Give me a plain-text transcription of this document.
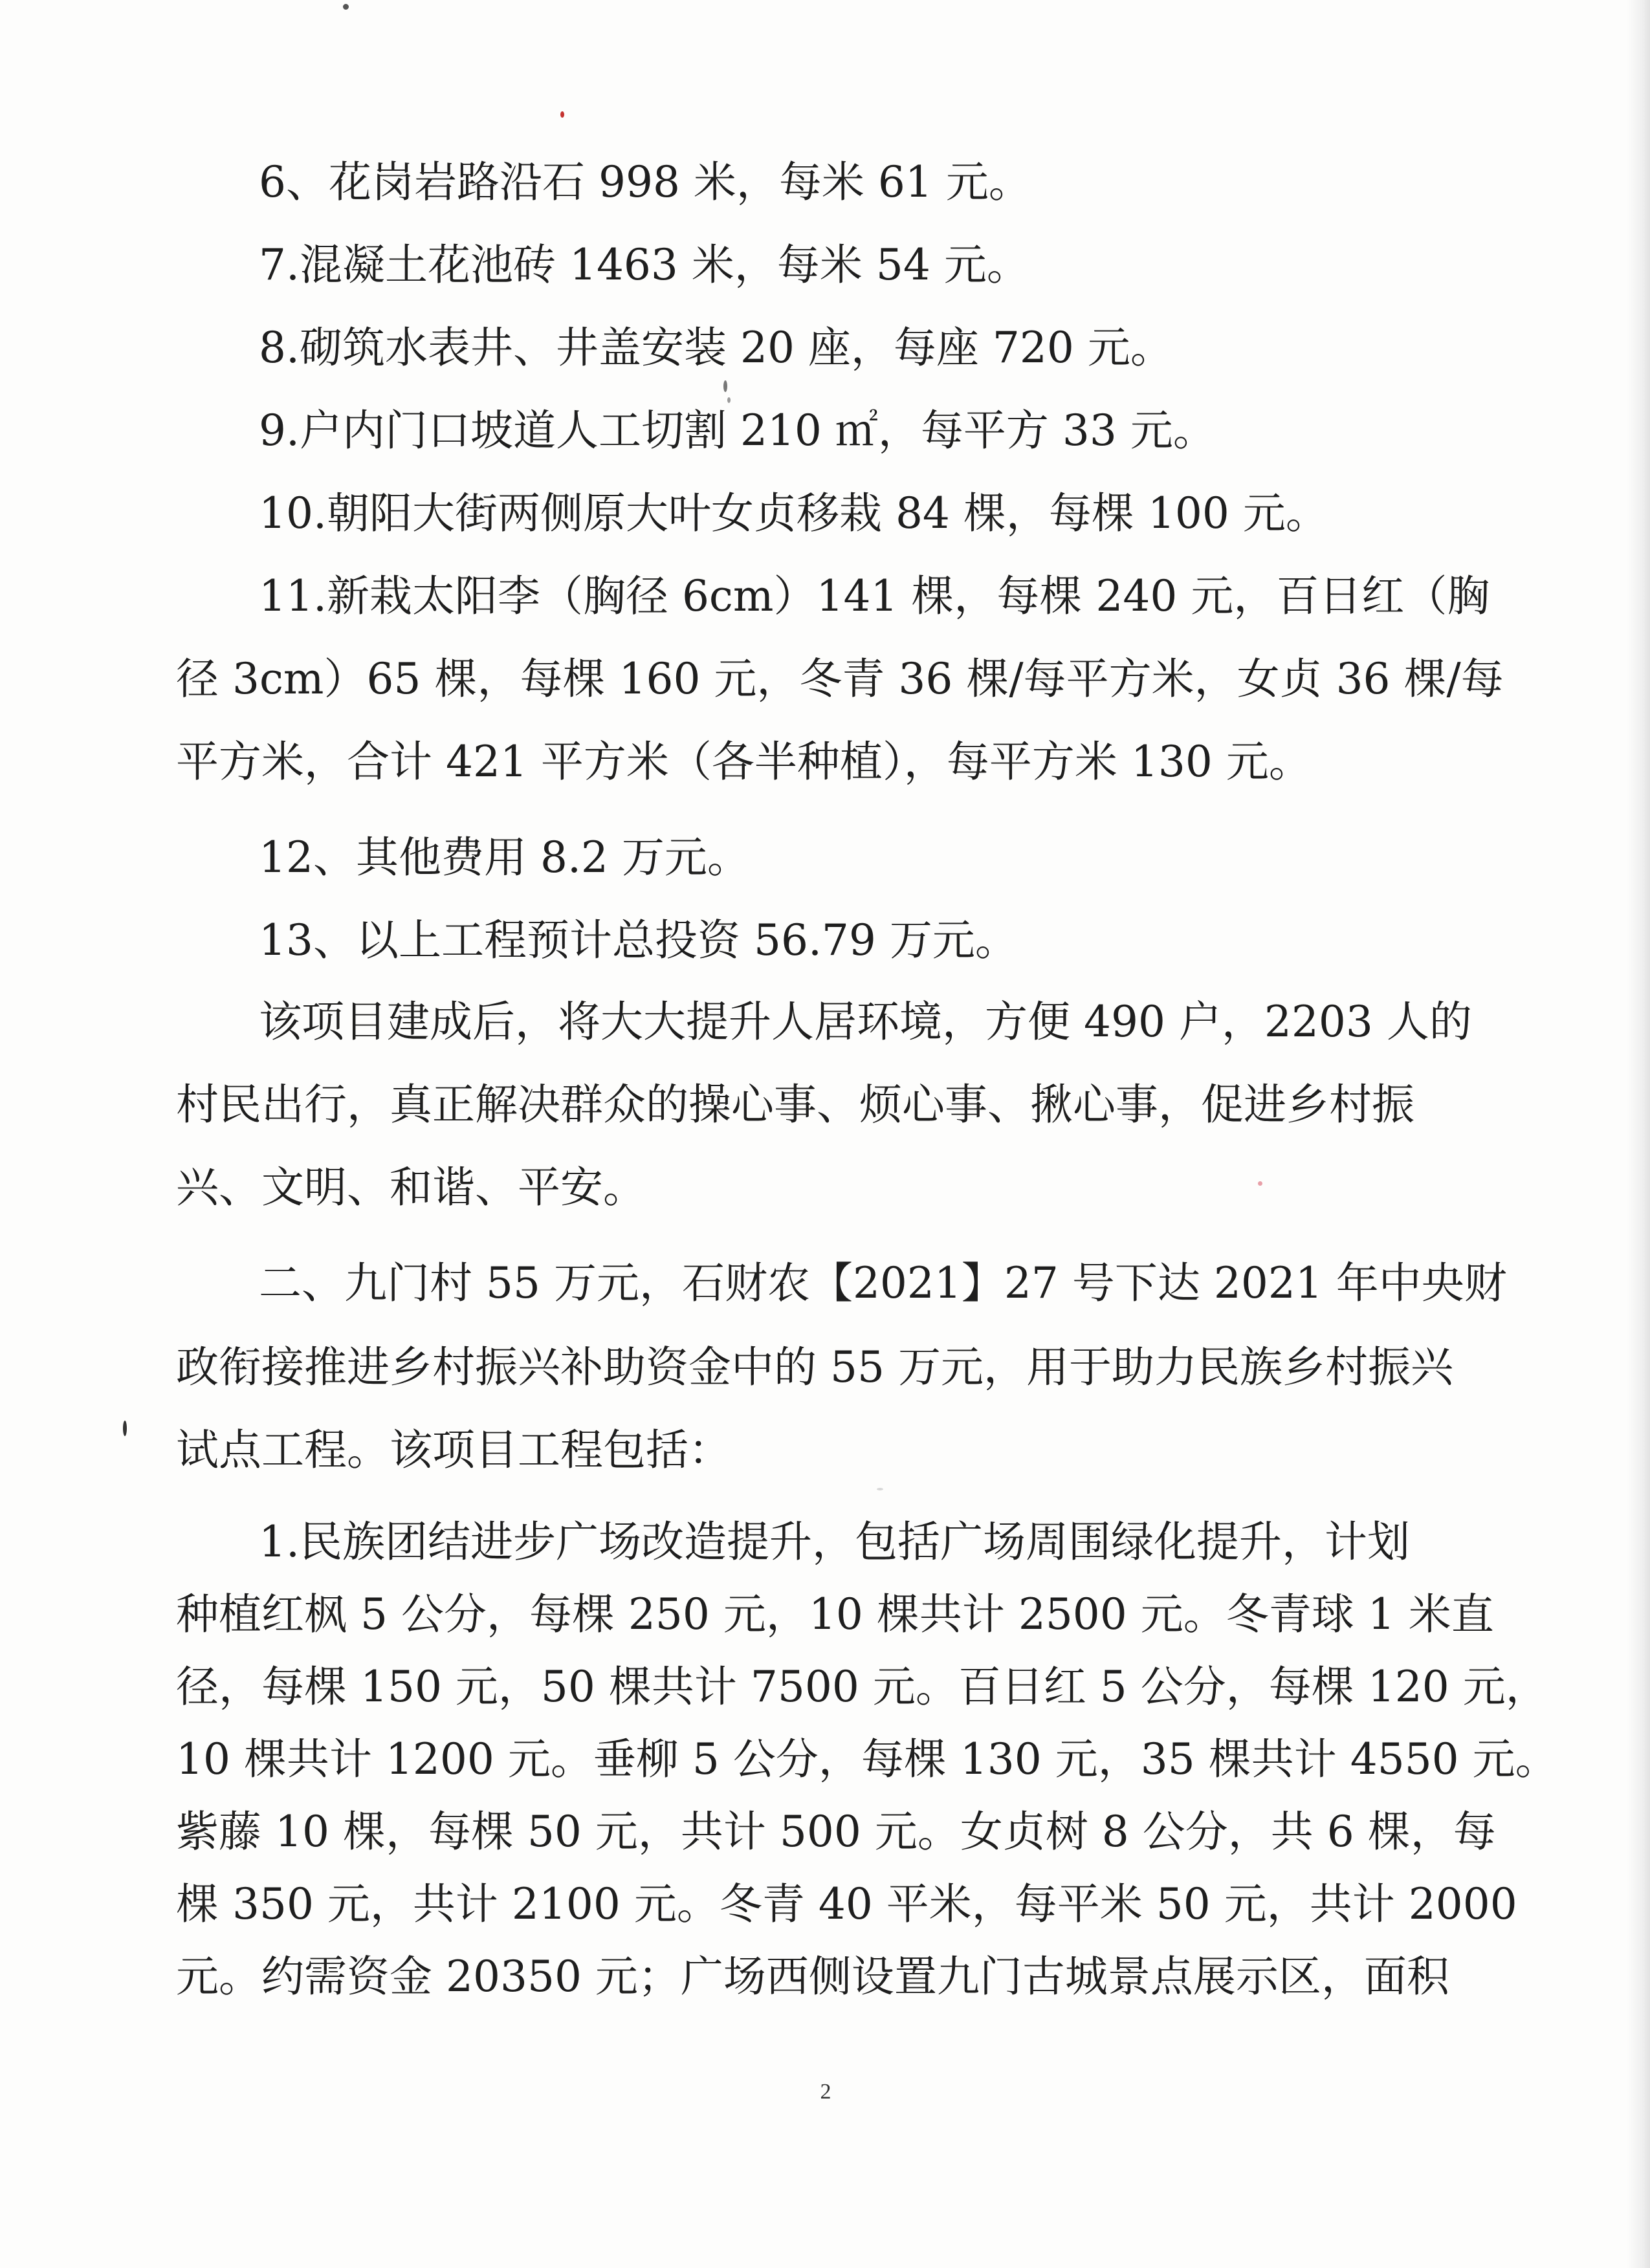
6、花岗岩路沿石 998 米，每米 61 元。
7.混凝土花池砖 1463 米，每米 54 元。
8.砌筑水表井、井盖安装 20 座，每座 720 元。
9.户内门口坡道人工切割 210 ㎡，每平方 33 元。
10.朝阳大街两侧原大叶女贞移栽 84 棵，每棵 100 元。
11.新栽太阳李（胸径 6cm）141 棵，每棵 240 元，百日红（胸
径 3cm）65 棵，每棵 160 元，冬青 36 棵/每平方米，女贞 36 棵/每
平方米，合计 421 平方米（各半种植），每平方米 130 元。
12、其他费用 8.2 万元。
13、以上工程预计总投资 56.79 万元。
该项目建成后，将大大提升人居环境，方便 490 户，2203 人的
村民出行，真正解决群众的操心事、烦心事、揪心事，促进乡村振
兴、文明、和谐、平安。
二、九门村 55 万元，石财农【2021】27 号下达 2021 年中央财
政衔接推进乡村振兴补助资金中的 55 万元，用于助力民族乡村振兴
试点工程。该项目工程包括：
1.民族团结进步广场改造提升，包括广场周围绿化提升，计划
种植红枫 5 公分，每棵 250 元，10 棵共计 2500 元。冬青球 1 米直
径，每棵 150 元，50 棵共计 7500 元。百日红 5 公分，每棵 120 元，
10 棵共计 1200 元。垂柳 5 公分，每棵 130 元，35 棵共计 4550 元。
紫藤 10 棵，每棵 50 元，共计 500 元。女贞树 8 公分，共 6 棵，每
棵 350 元，共计 2100 元。冬青 40 平米，每平米 50 元，共计 2000
元。约需资金 20350 元；广场西侧设置九门古城景点展示区，面积
2
